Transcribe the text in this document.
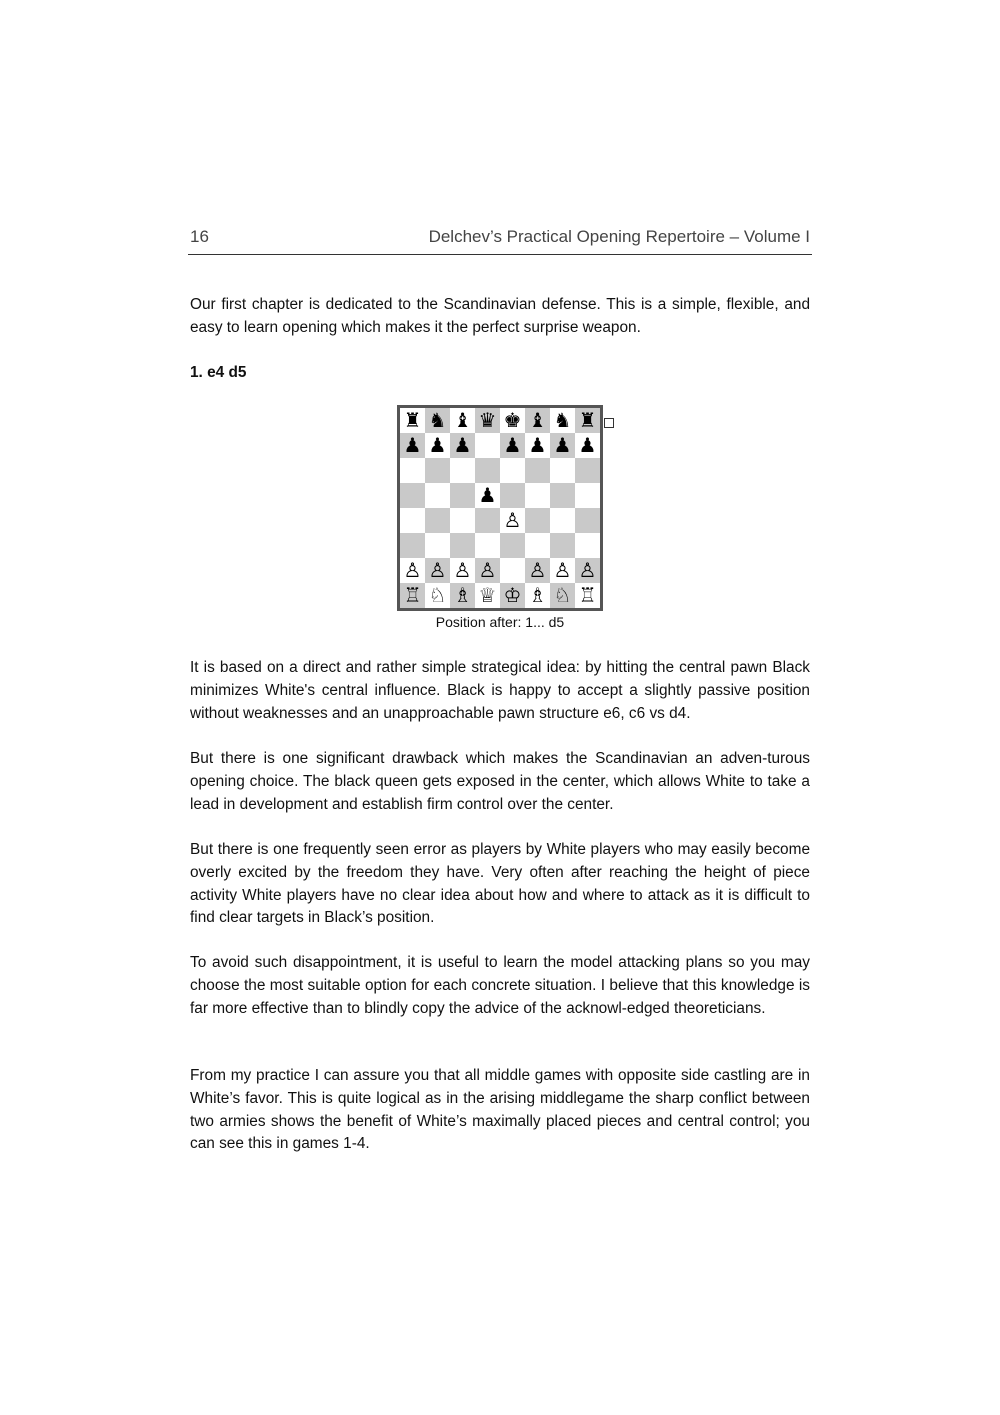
16	Delchev’s Practical Opening Repertoire – Volume I

Our first chapter is dedicated to the Scandinavian defense. This is a simple, flexible, and easy to learn opening which makes it the perfect surprise weapon.

1. e4 d5

♜ ♞ ♝ ♛ ♚ ♝ ♞ ♜
♟ ♟ ♟ ♟ ♟ ♟ ♟
♟
♙
♙ ♙ ♙ ♙ ♙ ♙ ♙
♖ ♘ ♗ ♕ ♔ ♗ ♘ ♖
Position after: 1... d5

It is based on a direct and rather simple strategical idea: by hitting the central pawn Black minimizes White's central influence. Black is happy to accept a slightly passive position without weaknesses and an unapproachable pawn structure e6, c6 vs d4.

But there is one significant drawback which makes the Scandinavian an adven-turous opening choice. The black queen gets exposed in the center, which allows White to take a lead in development and establish firm control over the center.

But there is one frequently seen error as players by White players who may easily become overly excited by the freedom they have. Very often after reaching the height of piece activity White players have no clear idea about how and where to attack as it is difficult to find clear targets in Black’s position.

To avoid such disappointment, it is useful to learn the model attacking plans so you may choose the most suitable option for each concrete situation. I believe that this knowledge is far more effective than to blindly copy the advice of the acknowl-edged theoreticians.

From my practice I can assure you that all middle games with opposite side castling are in White’s favor. This is quite logical as in the arising middlegame the sharp conflict between two armies shows the benefit of White’s maximally placed pieces and central control; you can see this in games 1-4.
